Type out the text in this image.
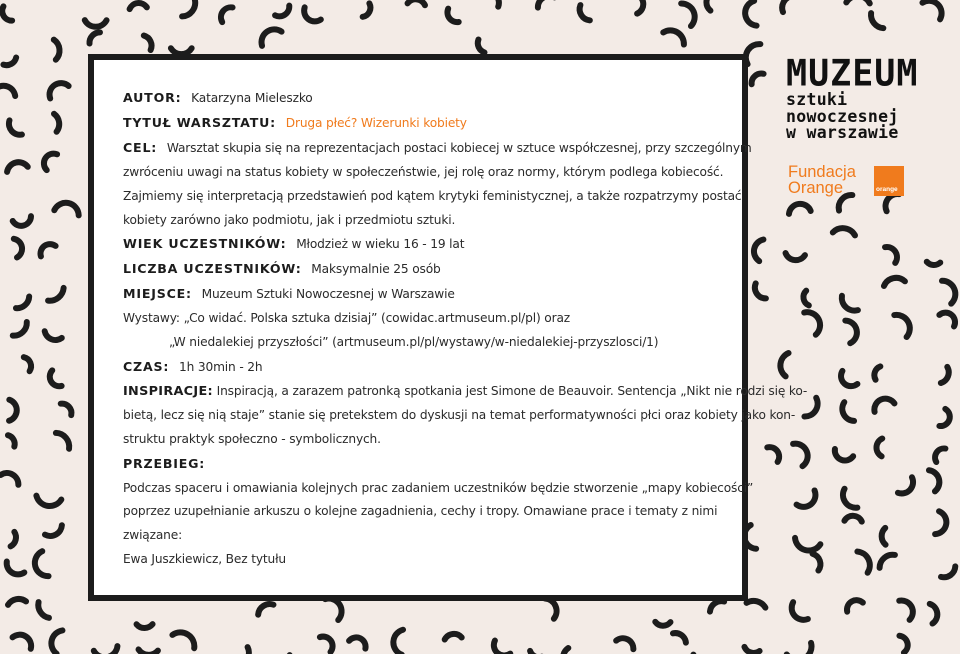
AUTOR: Katarzyna Mieleszko

TYTUŁ WARSZTATU: Druga płeć? Wizerunki kobiety

CEL: Warsztat skupia się na reprezentacjach postaci kobiecej w sztuce współczesnej, przy szczególnym

zwróceniu uwagi na status kobiety w społeczeństwie, jej rolę oraz normy, którym podlega kobiecość.

Zajmiemy się interpretacją przedstawień pod kątem krytyki feministycznej, a także rozpatrzymy postać

kobiety zarówno jako podmiotu, jak i przedmiotu sztuki.

WIEK UCZESTNIKÓW: Młodzież w wieku 16 - 19 lat

LICZBA UCZESTNIKÓW: Maksymalnie 25 osób

MIEJSCE: Muzeum Sztuki Nowoczesnej w Warszawie

Wystawy: „Co widać. Polska sztuka dzisiaj” (cowidac.artmuseum.pl/pl) oraz

„W niedalekiej przyszłości” (artmuseum.pl/pl/wystawy/w-niedalekiej-przyszlosci/1)

CZAS: 1h 30min - 2h

INSPIRACJE: Inspiracją, a zarazem patronką spotkania jest Simone de Beauvoir. Sentencja „Nikt nie rodzi się ko-

bietą, lecz się nią staje” stanie się pretekstem do dyskusji na temat performatywności płci oraz kobiety jako kon-

struktu praktyk społeczno - symbolicznych.

PRZEBIEG:

Podczas spaceru i omawiania kolejnych prac zadaniem uczestników będzie stworzenie „mapy kobiecości”

poprzez uzupełnianie arkuszu o kolejne zagadnienia, cechy i tropy. Omawiane prace i tematy z nimi

związane:

Ewa Juszkiewicz, Bez tytułu

MUZEUM
sztuki
nowoczesnej
w warszawie
Fundacja
Orange	orange
